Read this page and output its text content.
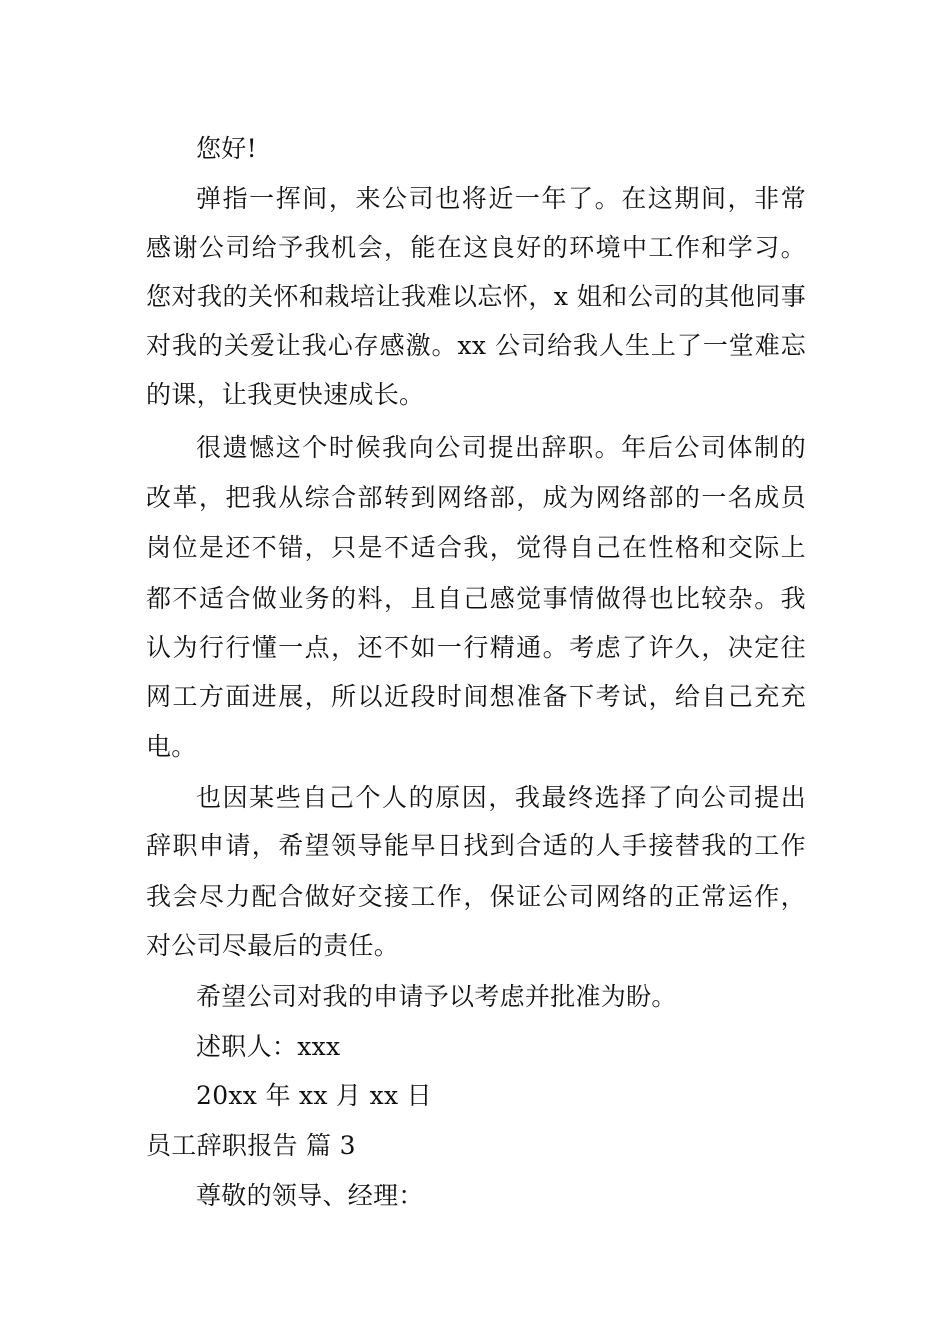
您好!

弹指一挥间，来公司也将近一年了。在这期间，非常

感谢公司给予我机会，能在这良好的环境中工作和学习。

您对我的关怀和栽培让我难以忘怀，x 姐和公司的其他同事

对我的关爱让我心存感激。xx 公司给我人生上了一堂难忘

的课，让我更快速成长。

很遗憾这个时候我向公司提出辞职。年后公司体制的

改革，把我从综合部转到网络部，成为网络部的一名成员

岗位是还不错，只是不适合我，觉得自己在性格和交际上

都不适合做业务的料，且自己感觉事情做得也比较杂。我

认为行行懂一点，还不如一行精通。考虑了许久，决定往

网工方面进展，所以近段时间想准备下考试，给自己充充

电。

也因某些自己个人的原因，我最终选择了向公司提出

辞职申请，希望领导能早日找到合适的人手接替我的工作

我会尽力配合做好交接工作，保证公司网络的正常运作，

对公司尽最后的责任。

希望公司对我的申请予以考虑并批准为盼。

述职人：xxx

20xx 年 xx 月 xx 日

员工辞职报告 篇 3

尊敬的领导、经理：
